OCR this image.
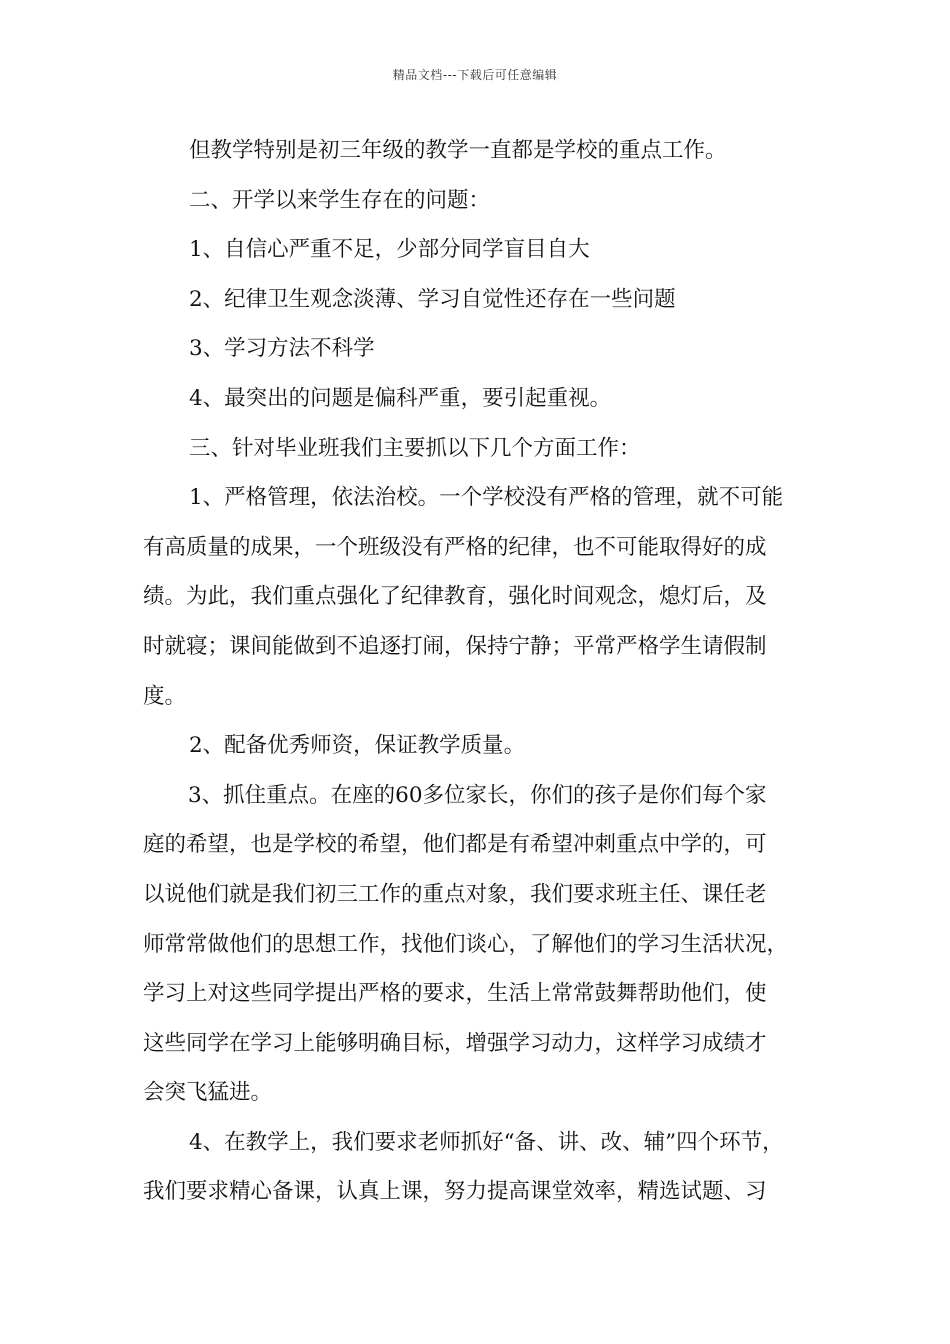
精品文档---下载后可任意编辑
但教学特别是初三年级的教学一直都是学校的重点工作。
二、开学以来学生存在的问题：
1、自信心严重不足，少部分同学盲目自大
2、纪律卫生观念淡薄、学习自觉性还存在一些问题
3、学习方法不科学
4、最突出的问题是偏科严重，要引起重视。
三、针对毕业班我们主要抓以下几个方面工作：
1、严格管理，依法治校。一个学校没有严格的管理，就不可能
有高质量的成果，一个班级没有严格的纪律，也不可能取得好的成
绩。为此，我们重点强化了纪律教育，强化时间观念，熄灯后，及
时就寝；课间能做到不追逐打闹，保持宁静；平常严格学生请假制
度。
2、配备优秀师资，保证教学质量。
3、抓住重点。在座的60多位家长，你们的孩子是你们每个家
庭的希望，也是学校的希望，他们都是有希望冲刺重点中学的，可
以说他们就是我们初三工作的重点对象，我们要求班主任、课任老
师常常做他们的思想工作，找他们谈心，了解他们的学习生活状况，
学习上对这些同学提出严格的要求，生活上常常鼓舞帮助他们，使
这些同学在学习上能够明确目标，增强学习动力，这样学习成绩才
会突飞猛进。
4、在教学上，我们要求老师抓好“备、讲、改、辅”四个环节，
我们要求精心备课，认真上课，努力提高课堂效率，精选试题、习
